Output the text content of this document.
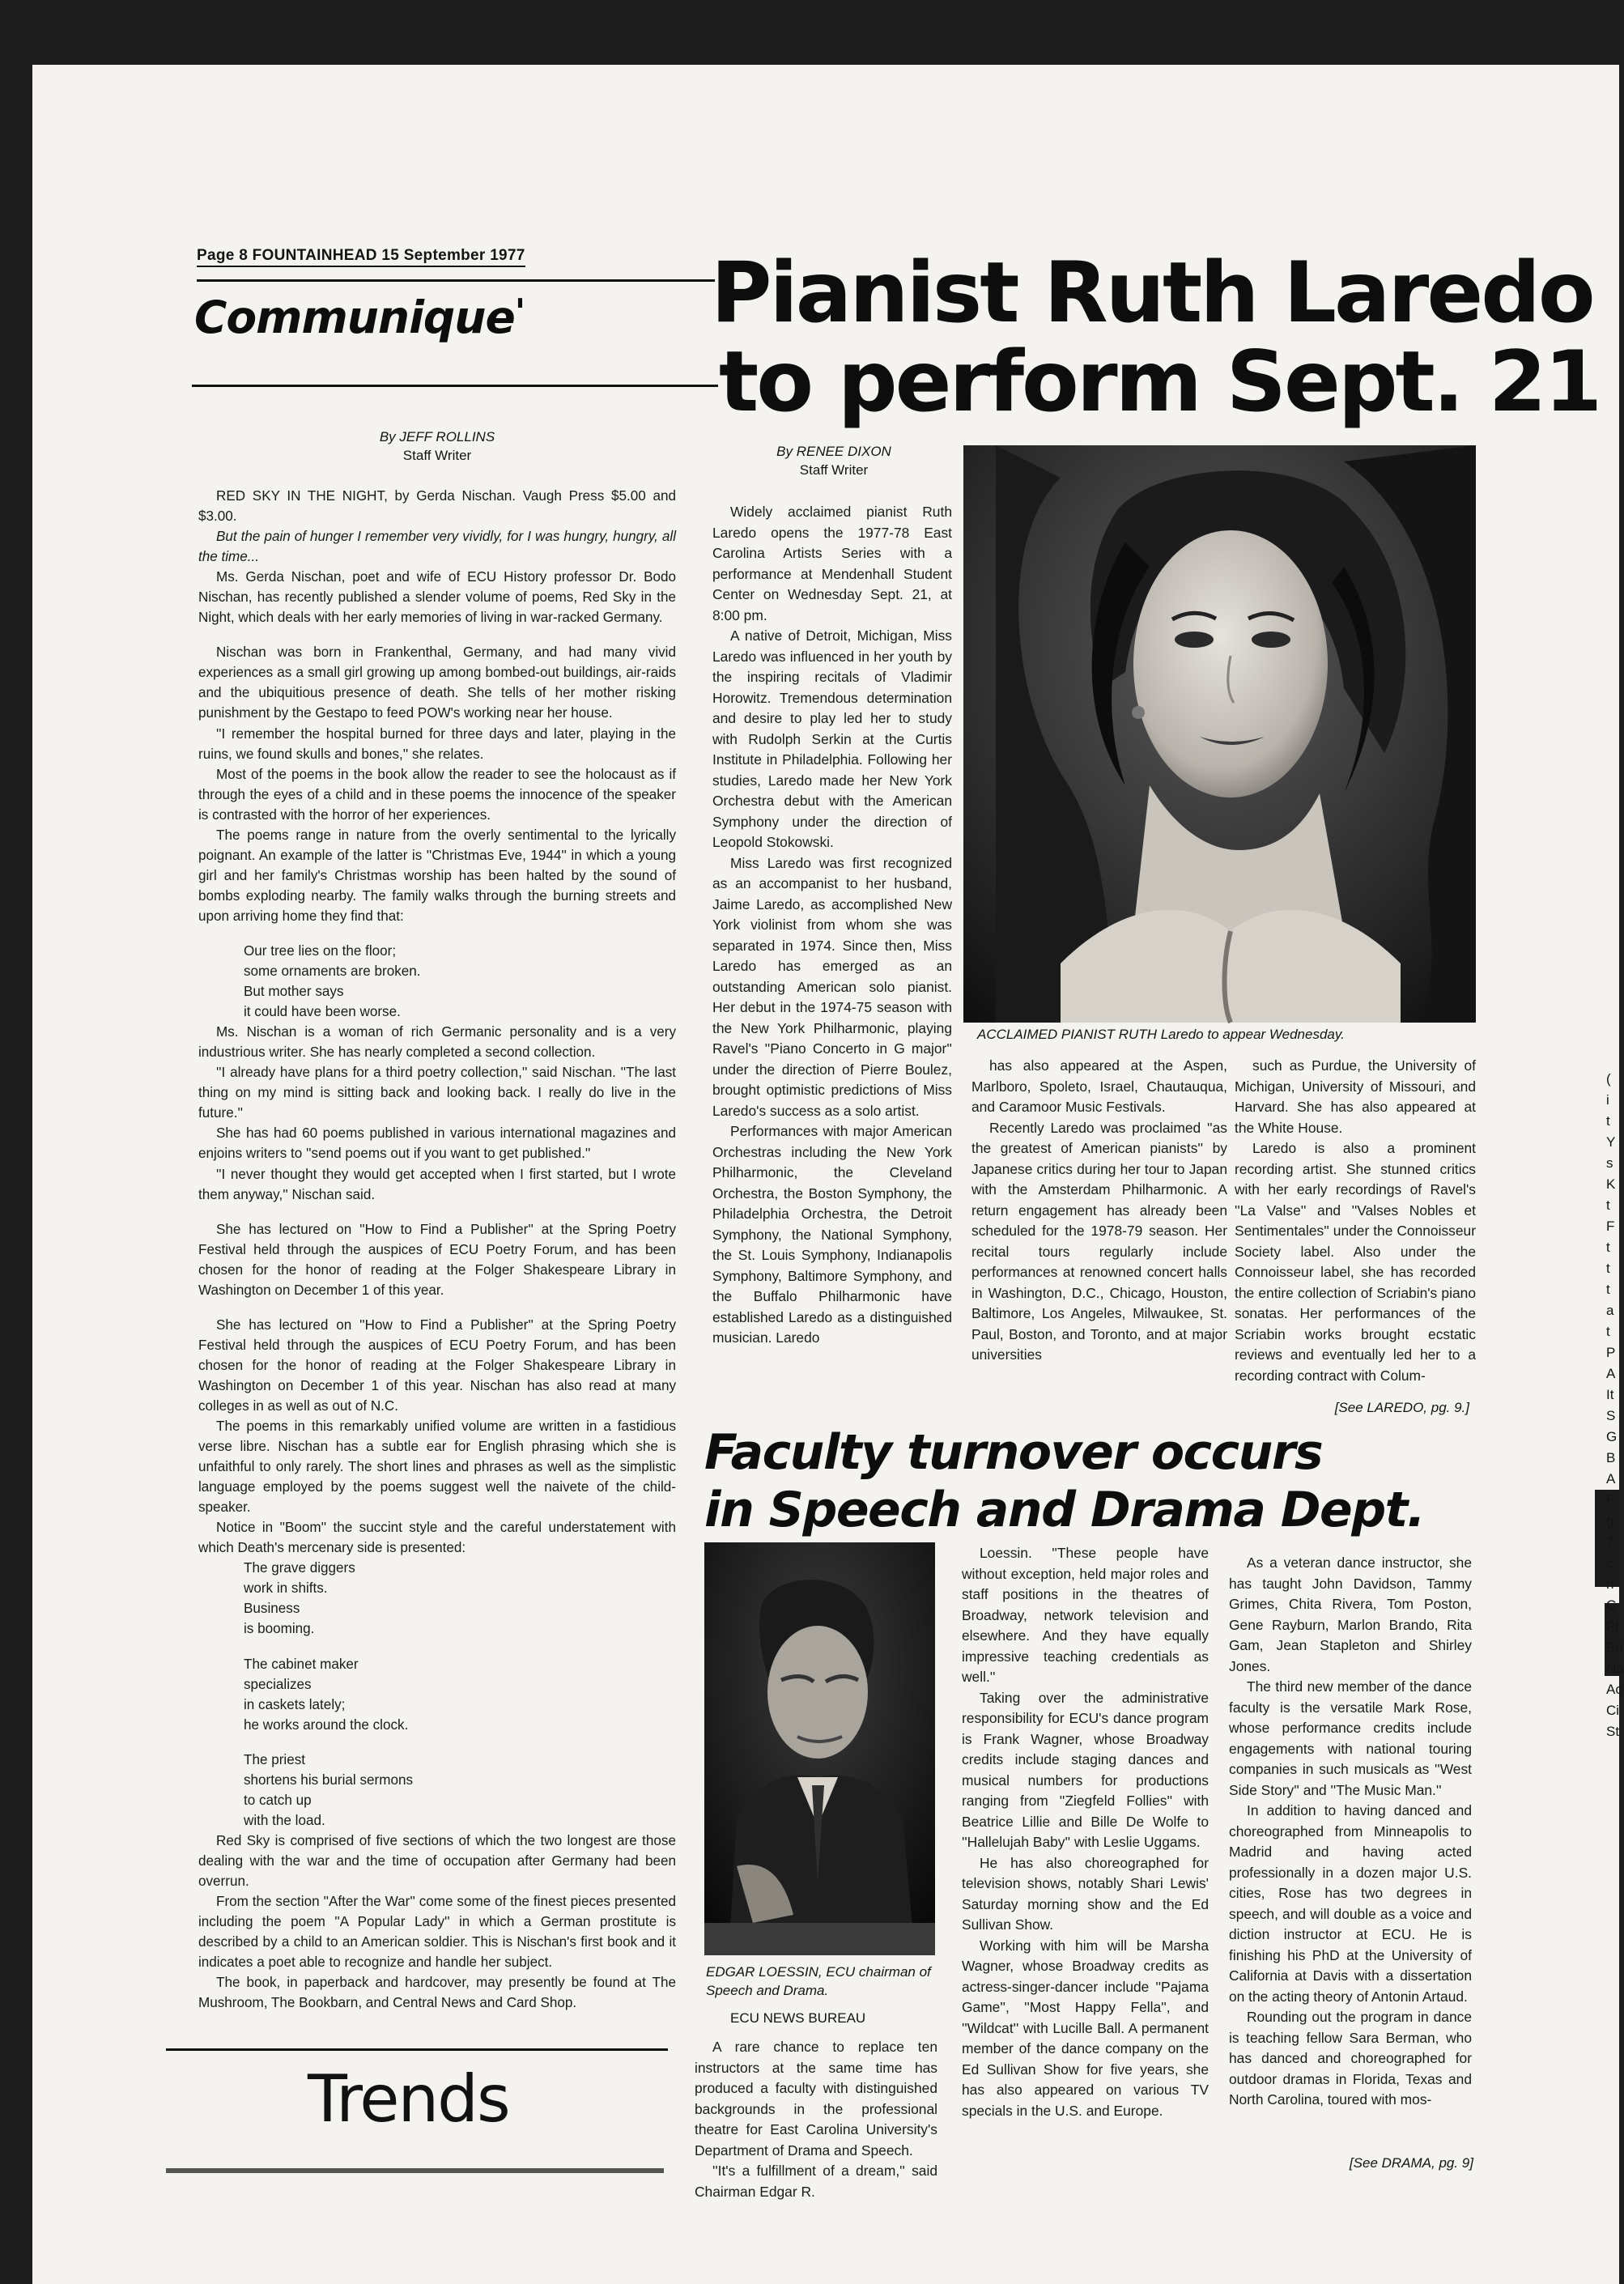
Page 8 FOUNTAINHEAD 15 September 1977
Communique' Pianist Ruth Laredo
to perform Sept. 21
By JEFF ROLLINS
Staff Writer

RED SKY IN THE NIGHT, by Gerda Nischan. Vaugh Press $5.00 and $3.00.

But the pain of hunger I remember very vividly, for I was hungry, hungry, all the time...

Ms. Gerda Nischan, poet and wife of ECU History professor Dr. Bodo Nischan, has recently published a slender volume of poems, Red Sky in the Night, which deals with her early memories of living in war-racked Germany.

Nischan was born in Frankenthal, Germany, and had many vivid experiences as a small girl growing up among bombed-out buildings, air-raids and the ubiquitious presence of death. She tells of her mother risking punishment by the Gestapo to feed POW's working near her house.

''I remember the hospital burned for three days and later, playing in the ruins, we found skulls and bones,'' she relates.

Most of the poems in the book allow the reader to see the holocaust as if through the eyes of a child and in these poems the innocence of the speaker is contrasted with the horror of her experiences.

The poems range in nature from the overly sentimental to the lyrically poignant. An example of the latter is ''Christmas Eve, 1944'' in which a young girl and her family's Christmas worship has been halted by the sound of bombs exploding nearby. The family walks through the burning streets and upon arriving home they find that:

Our tree lies on the floor;

some ornaments are broken.

But mother says

it could have been worse.

Ms. Nischan is a woman of rich Germanic personality and is a very industrious writer. She has nearly completed a second collection.

''I already have plans for a third poetry collection,'' said Nischan. ''The last thing on my mind is sitting back and looking back. I really do live in the future.''

She has had 60 poems published in various international magazines and enjoins writers to ''send poems out if you want to get published.''

''I never thought they would get accepted when I first started, but I wrote them anyway,'' Nischan said.

She has lectured on ''How to Find a Publisher'' at the Spring Poetry Festival held through the auspices of ECU Poetry Forum, and has been chosen for the honor of reading at the Folger Shakespeare Library in Washington on December 1 of this year.

She has lectured on ''How to Find a Publisher'' at the Spring Poetry Festival held through the auspices of ECU Poetry Forum, and has been chosen for the honor of reading at the Folger Shakespeare Library in Washington on December 1 of this year. Nischan has also read at many colleges in as well as out of N.C.

The poems in this remarkably unified volume are written in a fastidious verse libre. Nischan has a subtle ear for English phrasing which she is unfaithful to only rarely. The short lines and phrases as well as the simplistic language employed by the poems suggest well the naivete of the child-speaker.

Notice in ''Boom'' the succint style and the careful understatement with which Death's mercenary side is presented:

The grave diggers

work in shifts.

Business

is booming.

The cabinet maker

specializes

in caskets lately;

he works around the clock.

The priest

shortens his burial sermons

to catch up

with the load.

Red Sky is comprised of five sections of which the two longest are those dealing with the war and the time of occupation after Germany had been overrun.

From the section ''After the War'' come some of the finest pieces presented including the poem ''A Popular Lady'' in which a German prostitute is described by a child to an American soldier. This is Nischan's first book and it indicates a poet able to recognize and handle her subject.

The book, in paperback and hardcover, may presently be found at The Mushroom, The Bookbarn, and Central News and Card Shop.

Trends
By RENEE DIXON
Staff Writer
ACCLAIMED PIANIST RUTH Laredo to appear Wednesday.

Widely acclaimed pianist Ruth Laredo opens the 1977-78 East Carolina Artists Series with a performance at Mendenhall Student Center on Wednesday Sept. 21, at 8:00 pm.

A native of Detroit, Michigan, Miss Laredo was influenced in her youth by the inspiring recitals of Vladimir Horowitz. Tremendous determination and desire to play led her to study with Rudolph Serkin at the Curtis Institute in Philadelphia. Following her studies, Laredo made her New York Orchestra debut with the American Symphony under the direction of Leopold Stokowski.

Miss Laredo was first recognized as an accompanist to her husband, Jaime Laredo, as accomplished New York violinist from whom she was separated in 1974. Since then, Miss Laredo has emerged as an outstanding American solo pianist. Her debut in the 1974-75 season with the New York Philharmonic, playing Ravel's ''Piano Concerto in G major'' under the direction of Pierre Boulez, brought optimistic predictions of Miss Laredo's success as a solo artist.

Performances with major American Orchestras including the New York Philharmonic, the Cleveland Orchestra, the Boston Symphony, the Philadelphia Orchestra, the Detroit Symphony, the National Symphony, the St. Louis Symphony, Indianapolis Symphony, Baltimore Symphony, and the Buffalo Philharmonic have established Laredo as a distinguished musician. Laredo

has also appeared at the Aspen, Marlboro, Spoleto, Israel, Chautauqua, and Caramoor Music Festivals.

Recently Laredo was proclaimed ''as the greatest of American pianists'' by Japanese critics during her tour to Japan with the Amsterdam Philharmonic. A return engagement has already been scheduled for the 1978-79 season. Her recital tours regularly include performances at renowned concert halls in Washington, D.C., Chicago, Houston, Baltimore, Los Angeles, Milwaukee, St. Paul, Boston, and Toronto, and at major universities

such as Purdue, the University of Michigan, University of Missouri, and Harvard. She has also appeared at the White House.

Laredo is also a prominent recording artist. She stunned critics with her early recordings of Ravel's ''La Valse'' and ''Valses Nobles et Sentimentales'' under the Connoisseur Society label. Also under the Connoisseur label, she has recorded the entire collection of Scriabin's piano sonatas. Her performances of the Scriabin works brought ecstatic reviews and eventually led her to a recording contract with Colum-

[See LAREDO, pg. 9.]
Faculty turnover occurs
in Speech and Drama Dept.
EDGAR LOESSIN, ECU chairman of Speech and Drama.
ECU NEWS BUREAU

A rare chance to replace ten instructors at the same time has produced a faculty with distinguished backgrounds in the professional theatre for East Carolina University's Department of Drama and Speech.

''It's a fulfillment of a dream,'' said Chairman Edgar R.

Loessin. ''These people have without exception, held major roles and staff positions in the theatres of Broadway, network television and elsewhere. And they have equally impressive teaching credentials as well.''

Taking over the administrative responsibility for ECU's dance program is Frank Wagner, whose Broadway credits include staging dances and musical numbers for productions ranging from ''Ziegfeld Follies'' with Beatrice Lillie and Bille De Wolfe to ''Hallelujah Baby'' with Leslie Uggams.

He has also choreographed for television shows, notably Shari Lewis' Saturday morning show and the Ed Sullivan Show.

Working with him will be Marsha Wagner, whose Broadway credits as actress-singer-dancer include ''Pajama Game'', ''Most Happy Fella'', and ''Wildcat'' with Lucille Ball. A permanent member of the dance company on the Ed Sullivan Show for five years, she has also appeared on various TV specials in the U.S. and Europe.

As a veteran dance instructor, she has taught John Davidson, Tammy Grimes, Chita Rivera, Tom Poston, Gene Rayburn, Marlon Brando, Rita Gam, Jean Stapleton and Shirley Jones.

The third new member of the dance faculty is the versatile Mark Rose, whose performance credits include engagements with national touring companies in such musicals as ''West Side Story'' and ''The Music Man.''

In addition to having danced and choreographed from Minneapolis to Madrid and having acted professionally in a dozen major U.S. cities, Rose has two degrees in speech, and will double as a voice and diction instructor at ECU. He is finishing his PhD at the University of California at Davis with a dissertation on the acting theory of Antonin Artaud.

Rounding out the program in dance is teaching fellow Sara Berman, who has danced and choreographed for outdoor dramas in Florida, Texas and North Carolina, toured with mos-

[See DRAMA, pg. 9]
(
i
t
Y
s
K
t
F
t
t
t
a
t
P
A
It
S
G
B
A
F
g
7
c
n
C
Pl
En
Na
Ac
Ci
St
